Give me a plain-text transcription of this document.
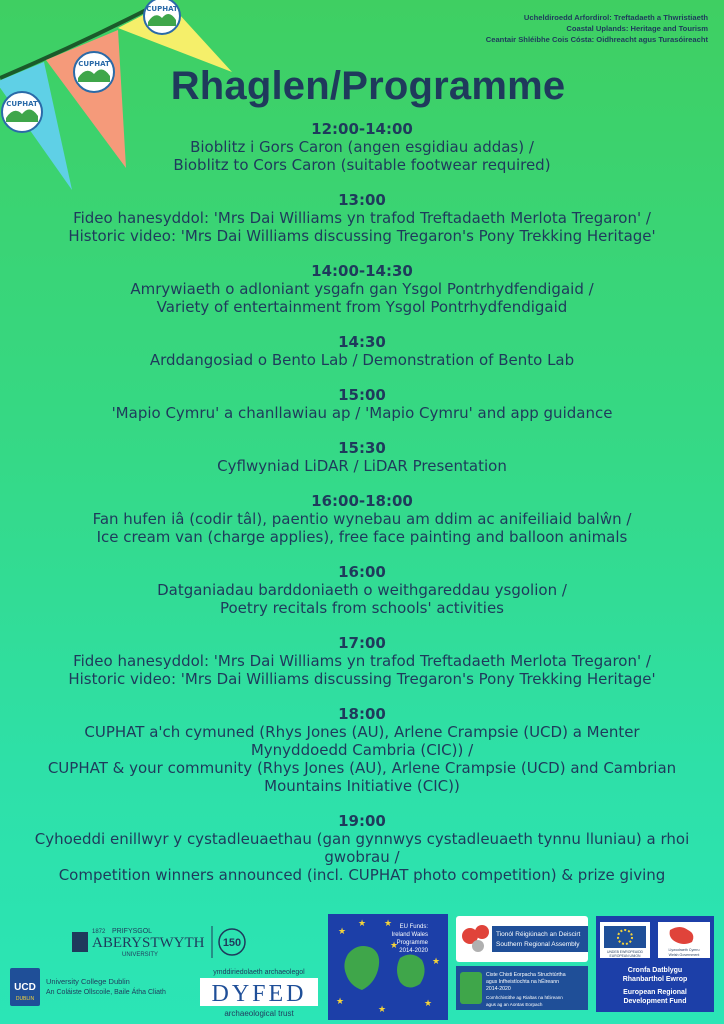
CUPHAT
CUPHAT
CUPHAT
Ucheldiroedd Arfordirol: Treftadaeth a Thwristiaeth
Coastal Uplands: Heritage and Tourism
Ceantair Shléibhe Cois Cósta: Oidhreacht agus Turasóireacht
Rhaglen/Programme
12:00-14:00
Bioblitz i Gors Caron (angen esgidiau addas) /
Bioblitz to Cors Caron (suitable footwear required)
13:00
Fideo hanesyddol: 'Mrs Dai Williams yn trafod Treftadaeth Merlota Tregaron' /
Historic video: 'Mrs Dai Williams discussing Tregaron's Pony Trekking Heritage'
14:00-14:30
Amrywiaeth o adloniant ysgafn gan Ysgol Pontrhydfendigaid /
Variety of entertainment from Ysgol Pontrhydfendigaid
14:30
Arddangosiad o Bento Lab / Demonstration of Bento Lab
15:00
'Mapio Cymru' a chanllawiau ap / 'Mapio Cymru' and app guidance
15:30
Cyflwyniad LiDAR / LiDAR Presentation
16:00-18:00
Fan hufen iâ (codir tâl), paentio wynebau am ddim ac anifeiliaid balŵn /
Ice cream van (charge applies), free face painting and balloon animals
16:00
Datganiadau barddoniaeth o weithgareddau ysgolion /
Poetry recitals from schools' activities
17:00
Fideo hanesyddol: 'Mrs Dai Williams yn trafod Treftadaeth Merlota Tregaron' /
Historic video: 'Mrs Dai Williams discussing Tregaron's Pony Trekking Heritage'
18:00
CUPHAT a'ch cymuned (Rhys Jones (AU), Arlene Crampsie (UCD) a Menter
Mynyddoedd Cambria (CIC)) /
CUPHAT & your community (Rhys Jones (AU), Arlene Crampsie (UCD) and Cambrian
Mountains Initiative (CIC))
19:00
Cyhoeddi enillwyr y cystadleuaethau (gan gynnwys cystadleuaeth tynnu lluniau) a rhoi
gwobrau /
Competition winners announced (incl. CUPHAT photo competition) & prize giving
1872 PRIFYSGOL
ABERYSTWYTH
UNIVERSITY
150
UCD
DUBLIN
University College Dublin
An Coláiste Ollscoile, Baile Átha Cliath
ymddiriedolaeth archaeolegol
DYFED
archaeological trust
EU Funds:
Ireland Wales
Programme
2014-2020
★
★ ★
★
★
★
★
★
Tionól Réigiúnach an Deiscirt
Southern Regional Assembly
Ciste Chisti Eorpacha Struchtúrtha
agus Infheistíochta na hÉireann
2014-2020
Comhchistithe ag Rialtas na hÉireann
agus ag an Aontas Eorpach
UNDEB EWROPEAIDD
EUROPEAN UNION
Llywodraeth Cymru
Welsh Government
Cronfa Datblygu
Rhanbarthol Ewrop
European Regional
Development Fund
